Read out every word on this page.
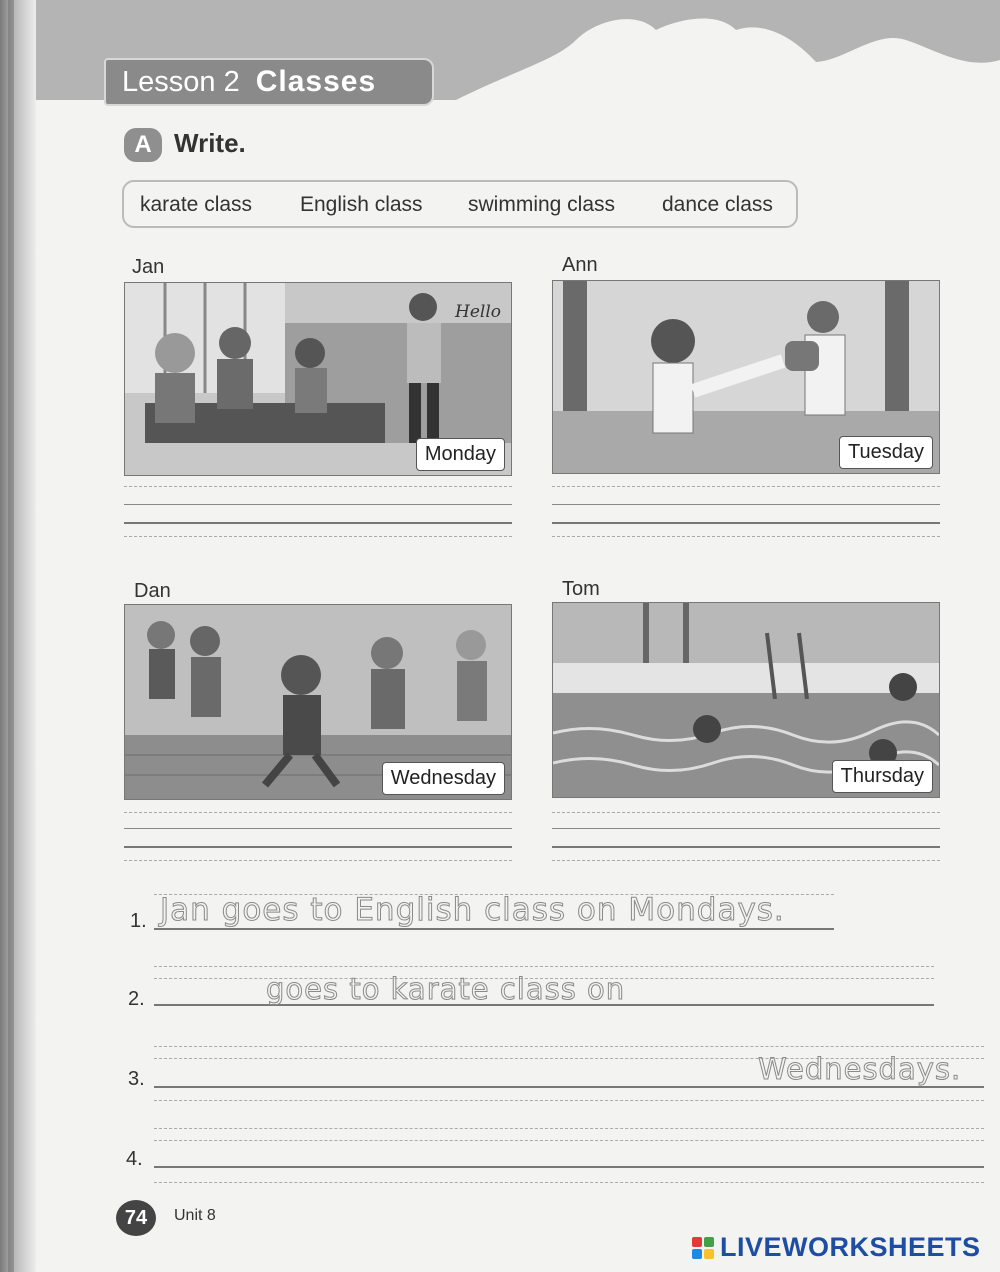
Lesson 2 Classes
A Write.
karate class English class swimming class dance class
Jan
Hello
Monday
Ann
Tuesday
Dan
Wednesday
Tom
Thursday
1. Jan goes to English class on Mondays.
2.	goes to karate class on
3.	Wednesdays.
4.
74	Unit 8
LIVEWORKSHEETS
